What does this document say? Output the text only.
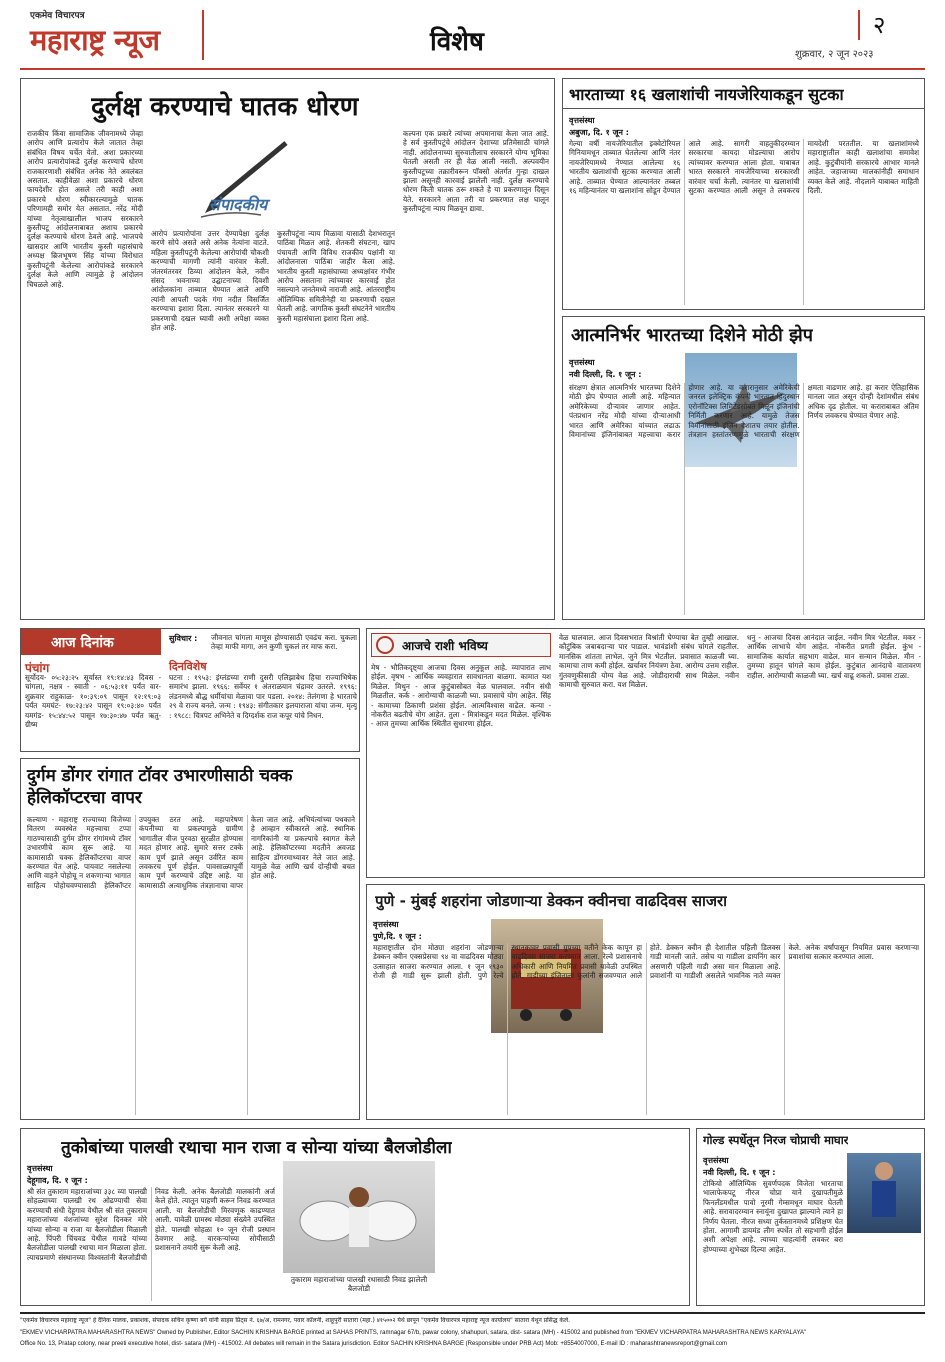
एकमेव विचारपत्र
महाराष्ट्र न्यूज	विशेष
२
शुक्रवार, २ जून २०२३
दुर्लक्ष करण्याचे घातक धोरण
संपादकीय
राजकीय किंवा सामाजिक जीवनामध्ये जेव्हा आरोप आणि प्रत्यारोप केले जातात तेव्हा संबंधित विषय चर्चेत येतो. अशा प्रकारच्या आरोप प्रत्यारोपांकडे दुर्लक्ष करण्याचे धोरण राजकारणाशी संबंधित अनेक नेते अवलंबत असतात. काहीवेळा अशा प्रकारचे धोरण फायदेशीर होत असले तरी काही अशा प्रकारचे धोरण स्वीकारल्यामुळे घातक परिणामही समोर येत असतात. नरेंद्र मोदी यांच्या नेतृत्वाखालील भाजप सरकारने कुस्तीपटू आंदोलनाबाबत अशाच प्रकारचे दुर्लक्ष करण्याचे धोरण ठेवले आहे. भाजपचे खासदार आणि भारतीय कुस्ती महासंघाचे अध्यक्ष ब्रिजभूषण सिंह यांच्या विरोधात कुस्तीपटूंनी केलेल्या आरोपांकडे सरकारने दुर्लक्ष केले आणि त्यामुळे हे आंदोलन चिघळले आहे.
आरोप प्रत्यारोपांना उत्तर देण्यापेक्षा दुर्लक्ष करणे सोपे असते असे अनेक नेत्यांना वाटते. महिला कुस्तीपटूंनी केलेल्या आरोपांची चौकशी करण्याची मागणी त्यांनी वारंवार केली. जंतरमंतरवर ठिय्या आंदोलन केले, नवीन संसद भवनाच्या उद्घाटनाच्या दिवशी आंदोलकांना ताब्यात घेण्यात आले आणि त्यांनी आपली पदके गंगा नदीत विसर्जित करण्याचा इशारा दिला. त्यानंतर सरकारने या प्रकरणाची दखल घ्यावी अशी अपेक्षा व्यक्त होत आहे.
कुस्तीपटूंना न्याय मिळावा यासाठी देशभरातून पाठिंबा मिळत आहे. शेतकरी संघटना, खाप पंचायती आणि विविध राजकीय पक्षांनी या आंदोलनाला पाठिंबा जाहीर केला आहे. भारतीय कुस्ती महासंघाच्या अध्यक्षांवर गंभीर आरोप असताना त्यांच्यावर कारवाई होत नसल्याने जनतेमध्ये नाराजी आहे. आंतरराष्ट्रीय ऑलिम्पिक समितीनेही या प्रकरणाची दखल घेतली आहे. जागतिक कुस्ती संघटनेने भारतीय कुस्ती महासंघाला इशारा दिला आहे.
कल्पना एक प्रकारे त्यांच्या अपमानाचा केला जात आहे. हे सर्व कुस्तीपटूंचे आंदोलन देशाच्या प्रतिमेसाठी चांगले नाही. आंदोलनाच्या सुरुवातीलाच सरकारने योग्य भूमिका घेतली असती तर ही वेळ आली नसती. अल्पवयीन कुस्तीपटूच्या तक्रारीवरून पॉक्सो अंतर्गत गुन्हा दाखल झाला असूनही कारवाई झालेली नाही. दुर्लक्ष करण्याचे धोरण किती घातक ठरू शकते हे या प्रकरणातून दिसून येते. सरकारने आता तरी या प्रकरणात लक्ष घालून कुस्तीपटूंना न्याय मिळवून द्यावा.
भारताच्या १६ खलाशांची नायजेरियाकडून सुटका
वृत्तसंस्था
अबुजा, दि. १ जून :
गेल्या वर्षी नायजेरियातील इक्वेटोरियल गिनियामधून ताब्यात घेतलेल्या आणि नंतर नायजेरियामध्ये नेण्यात आलेल्या १६ भारतीय खलाशांची सुटका करण्यात आली आहे. ताब्यात घेण्यात आल्यानंतर तब्बल १६ महिन्यानंतर या खलाशांना सोडून देण्यात आले आहे. सागरी वाहतुकीदरम्यान सरकारचा कायदा मोडल्याचा आरोप त्यांच्यावर करण्यात आला होता. याबाबत भारत सरकारने नायजेरियाच्या सरकारशी वारंवार चर्चा केली. त्यानंतर या खलाशांची सुटका करण्यात आली असून ते लवकरच मायदेशी परततील. या खलाशांमध्ये महाराष्ट्रातील काही खलाशांचा समावेश आहे. कुटुंबीयांनी सरकारचे आभार मानले आहेत. जहाजाच्या मालकांनीही समाधान व्यक्त केले आहे. नौदलाने याबाबत माहिती दिली.
आत्मनिर्भर भारतच्या दिशेने मोठी झेप
वृत्तसंस्था
नवी दिल्ली, दि. १ जून :
संरक्षण क्षेत्रात आत्मनिर्भर भारतच्या दिशेने मोठी झेप घेण्यात आली आहे. महिन्यात अमेरिकेच्या दौऱ्यावर जाणार आहेत. पंतप्रधान नरेंद्र मोदी यांच्या दौऱ्याआधी भारत आणि अमेरिका यांच्यात लढाऊ विमानांच्या इंजिनांबाबत महत्त्वाचा करार होणार आहे. या करारानुसार अमेरिकेची जनरल इलेक्ट्रिक कंपनी भारतात हिंदुस्थान एरोनॉटिक्स लिमिटेडसोबत मिळून इंजिनांची निर्मिती करणार आहे. यामुळे तेजस विमानांसाठी इंजिन देशातच तयार होतील. तंत्रज्ञान हस्तांतरणामुळे भारताची संरक्षण क्षमता वाढणार आहे. हा करार ऐतिहासिक मानला जात असून दोन्ही देशांमधील संबंध अधिक दृढ होतील. या कराराबाबत अंतिम निर्णय लवकरच घेण्यात येणार आहे.
आज दिनांक
पंचांग
सूर्योदय- ०५:२३:२५ सूर्यास्त १९:१४:४३ दिवस - चांगला, नक्षत्र - स्वाती - ०६:५३:११ पर्यंत वार- शुक्रवार राहुकाळ- १०:३९:०९ पासून १२:१९:०३ पर्यंत यमघंट- १७:२३:४२ पासून १९:०३:४० पर्यंत यमगंड- १५:४४:५२ पासून १७:३०:४७ पर्यंत ऋतु- ग्रीष्म
सुविचार : जीवनात चांगला माणूस होण्यासाठी एवढंच करा. चुकला तेव्हा माफी मागा, अन कुणी चुकलं तर माफ करा.
दिनविशेष
घटना : १९५३: इंग्लंडच्या राणी दुसरी एलिझाबेथ हिचा राज्याभिषेक समारंभ झाला. १९६६: सर्वेयर १ अंतराळयान चंद्रावर उतरले. १९९६: लंडनमध्ये बौद्ध धर्मीयांचा मेळावा पार पडला. २०१४: तेलंगणा हे भारताचे २९ वे राज्य बनले. जन्म : १९४३: संगीतकार इलयाराजा यांचा जन्म. मृत्यू : १९८८: चित्रपट अभिनेते व दिग्दर्शक राज कपूर यांचे निधन.
आजचे राशी भविष्य
मेष - भौतिकदृष्ट्या आजचा दिवस अनुकूल आहे. व्यापारात लाभ होईल. वृषभ - आर्थिक व्यवहारात सावधानता बाळगा. कामात यश मिळेल. मिथुन - आज कुटुंबासोबत वेळ घालवाल. नवीन संधी मिळतील. कर्क - आरोग्याची काळजी घ्या. प्रवासाचे योग आहेत. सिंह - कामाच्या ठिकाणी प्रशंसा होईल. आत्मविश्वास वाढेल. कन्या - नोकरीत बढतीचे योग आहेत. तुला - मित्रांकडून मदत मिळेल. वृश्चिक - आज तुमच्या आर्थिक स्थितीत सुधारणा होईल.
वेळ घालवाल. आज दिवसभरात विश्रांती घेण्याचा बेत तुम्ही आखाल. कौटुंबिक जबाबदाऱ्या पार पाडाल. भावंडांशी संबंध चांगले राहतील. मानसिक शांतता लाभेल. जुने मित्र भेटतील. प्रवासात काळजी घ्या. कामाचा ताण कमी होईल. खर्चावर नियंत्रण ठेवा. आरोग्य उत्तम राहील. गुंतवणुकीसाठी योग्य वेळ आहे. जोडीदाराची साथ मिळेल. नवीन कामाची सुरुवात करा. यश मिळेल.
धनु - आजचा दिवस आनंदात जाईल. नवीन मित्र भेटतील. मकर - आर्थिक लाभाचे योग आहेत. नोकरीत प्रगती होईल. कुंभ - सामाजिक कार्यात सहभाग वाढेल. मान सन्मान मिळेल. मीन - तुमच्या हातून चांगले काम होईल. कुटुंबात आनंदाचे वातावरण राहील. आरोग्याची काळजी घ्या. खर्च वाढू शकतो. प्रवास टाळा.
दुर्गम डोंगर रांगात टॉवर उभारणीसाठी चक्क हेलिकॉप्टरचा वापर
कल्याण - महाराष्ट्र राज्याच्या विजेच्या वितरण व्यवस्थेत महत्त्वाचा टप्पा गाठण्यासाठी दुर्गम डोंगर रांगांमध्ये टॉवर उभारणीचे काम सुरू आहे. या कामासाठी चक्क हेलिकॉप्टरचा वापर करण्यात येत आहे. पायवाट नसलेल्या आणि वाहने पोहोचू न शकणाऱ्या भागात साहित्य पोहोचवण्यासाठी हेलिकॉप्टर उपयुक्त ठरत आहे. महापारेषण कंपनीच्या या प्रकल्पामुळे ग्रामीण भागातील वीज पुरवठा सुरळीत होण्यास मदत होणार आहे. सुमारे सत्तर टक्के काम पूर्ण झाले असून उर्वरित काम लवकरच पूर्ण होईल. पावसाळ्यापूर्वी काम पूर्ण करण्याचे उद्दिष्ट आहे. या कामासाठी अत्याधुनिक तंत्रज्ञानाचा वापर केला जात आहे. अभियंत्यांच्या पथकाने हे आव्हान स्वीकारले आहे. स्थानिक नागरिकांनी या प्रकल्पाचे स्वागत केले आहे. हेलिकॉप्टरच्या मदतीने अवजड साहित्य डोंगरमाथ्यावर नेले जात आहे. यामुळे वेळ आणि खर्च दोन्हीची बचत होत आहे.
पुणे - मुंबई शहरांना जोडणाऱ्या डेक्कन क्वीनचा वाढदिवस साजरा
वृत्तसंस्था
पुणे,दि. १ जून :
महाराष्ट्रातील दोन मोठ्या शहरांना जोडणाऱ्या डेक्कन क्वीन एक्सप्रेसचा ९४ वा वाढदिवस मोठ्या उत्साहात साजरा करण्यात आला. १ जून १९३० रोजी ही गाडी सुरू झाली होती. पुणे रेल्वे स्थानकावर प्रवासी ग्रुपच्या वतीने केक कापून हा वाढदिवस साजरा करण्यात आला. रेल्वे प्रशासनाचे अधिकारी आणि नियमित प्रवासी यावेळी उपस्थित होते. गाडीच्या इंजिनाला फुलांनी सजवण्यात आले होते. डेक्कन क्वीन ही देशातील पहिली डिलक्स गाडी मानली जाते. तसेच या गाडीला डायनिंग कार असणारी पहिली गाडी असा मान मिळाला आहे. प्रवाशांनी या गाडीशी असलेले भावनिक नाते व्यक्त केले. अनेक वर्षांपासून नियमित प्रवास करणाऱ्या प्रवाशांचा सत्कार करण्यात आला.
तुकोबांच्या पालखी रथाचा मान राजा व सोन्या यांच्या बैलजोडीला
वृत्तसंस्था
देहूगाव, दि. १ जून :
तुकाराम महाराजांच्या पालखी रथासाठी निवड झालेली बैलजोडी
श्री संत तुकाराम महाराजांच्या ३३८ व्या पालखी सोहळ्याच्या पालखी रथ ओढण्याची सेवा करण्याची संधी देहूगाव येथील श्री संत तुकाराम महाराजांच्या वंशजांच्या सुरेश दिनकर मोरे यांच्या सोन्या व राजा या बैलजोडीला मिळाली आहे. पिंपरी चिंचवड येथील गावडे यांच्या बैलजोडीला पालखी रथाचा मान मिळाला होता. त्याचप्रमाणे संस्थानच्या विश्वस्तांनी बैलजोडीची निवड केली. अनेक बैलजोडी मालकांनी अर्ज केले होते. त्यातून पाहणी करून निवड करण्यात आली. या बैलजोडीची मिरवणूक काढण्यात आली. यावेळी ग्रामस्थ मोठ्या संख्येने उपस्थित होते. पालखी सोहळा १० जून रोजी प्रस्थान ठेवणार आहे. वारकऱ्यांच्या सोयीसाठी प्रशासनाने तयारी सुरू केली आहे.
गोल्ड स्पर्धेतून निरज चोप्राची माघार
वृत्तसंस्था
नवी दिल्ली, दि. १ जून :
टोकियो ऑलिम्पिक सुवर्णपदक विजेता भारताचा भालाफेकपटू नीरज चोप्रा याने दुखापतीमुळे फिनलँडमधील पावो नूरमी गेम्समधून माघार घेतली आहे. सरावादरम्यान स्नायूंना दुखापत झाल्याने त्याने हा निर्णय घेतला. नीरज सध्या तुर्कस्तानमध्ये प्रशिक्षण घेत होता. आगामी डायमंड लीग स्पर्धेत तो सहभागी होईल अशी अपेक्षा आहे. त्याच्या चाहत्यांनी लवकर बरा होण्याच्या शुभेच्छा दिल्या आहेत.
"एकमेव विचारपत्र महाराष्ट्र न्यूज" हे दैनिक मालक, प्रकाशक, संपादक सचिन कृष्णा बर्गे यांनी साहस प्रिंट्स नं. ६७/अ, रामनगर, पवार कॉलनी, शाहूपुरी सातारा (महा.) ४१५००२ येथे छापून "एकमेव विचारपत्र महाराष्ट्र न्यूज कार्यालय" सातारा येथून प्रसिद्ध केले.
"EKMEV VICHARPATRA MAHARASHTRA NEWS" Owned by Publisher, Editor SACHIN KRISHNA BARGE printed at SAHAS PRINTS, ramnagar 67/b, pawar colony, shahupuri, satara, dist- satara (MH) - 415002 and published from "EKMEV VICHARPATRA MAHARASHTRA NEWS KARYALAYA"
Office No. 13, Pratap colony, near preeti executive hotel, dist- satara (MH) - 415002. All debates will remain in the Satara jurisdiction. Editor SACHIN KRISHNA BARGE (Responsible under PRB Act) Mob: +8554007000, E-mail ID : maharashtranewsreport@gmail.com
